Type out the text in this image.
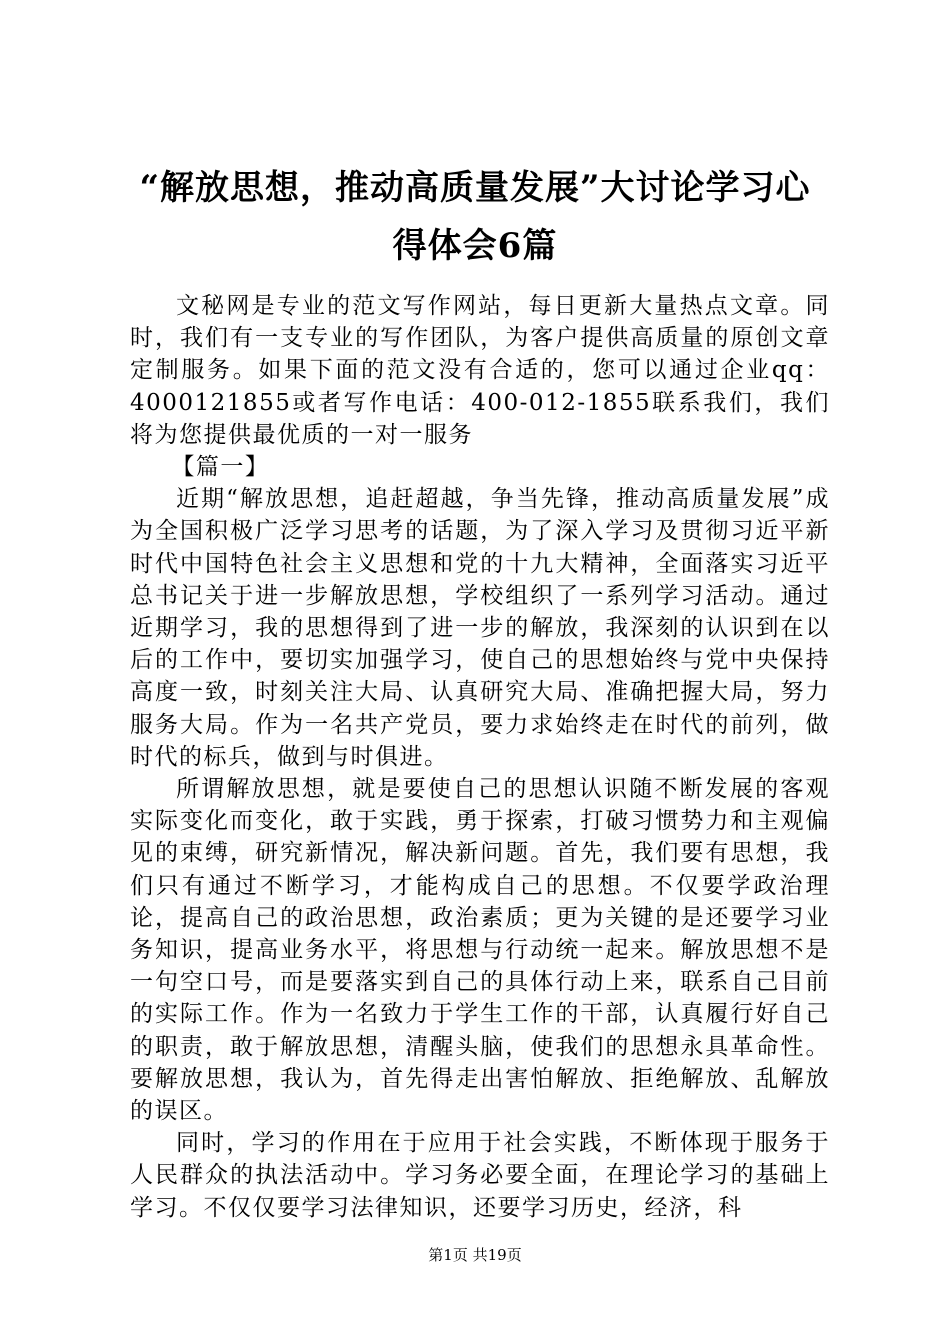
“解放思想，推动高质量发展”大讨论学习心
得体会6篇

文秘网是专业的范文写作网站，每日更新大量热点文章。同时，我们有一支专业的写作团队，为客户提供高质量的原创文章定制服务。如果下面的范文没有合适的，您可以通过企业qq：4000121855或者写作电话：400-012-1855联系我们，我们将为您提供最优质的一对一服务

【篇一】

近期“解放思想，追赶超越，争当先锋，推动高质量发展”成为全国积极广泛学习思考的话题，为了深入学习及贯彻习近平新时代中国特色社会主义思想和党的十九大精神，全面落实习近平总书记关于进一步解放思想，学校组织了一系列学习活动。通过近期学习，我的思想得到了进一步的解放，我深刻的认识到在以后的工作中，要切实加强学习，使自己的思想始终与党中央保持高度一致，时刻关注大局、认真研究大局、准确把握大局，努力服务大局。作为一名共产党员，要力求始终走在时代的前列，做时代的标兵，做到与时俱进。

所谓解放思想，就是要使自己的思想认识随不断发展的客观实际变化而变化，敢于实践，勇于探索，打破习惯势力和主观偏见的束缚，研究新情况，解决新问题。首先，我们要有思想，我们只有通过不断学习，才能构成自己的思想。不仅要学政治理论，提高自己的政治思想，政治素质；更为关键的是还要学习业务知识，提高业务水平，将思想与行动统一起来。解放思想不是一句空口号，而是要落实到自己的具体行动上来，联系自己目前的实际工作。作为一名致力于学生工作的干部，认真履行好自己的职责，敢于解放思想，清醒头脑，使我们的思想永具革命性。要解放思想，我认为，首先得走出害怕解放、拒绝解放、乱解放的误区。

同时，学习的作用在于应用于社会实践，不断体现于服务于人民群众的执法活动中。学习务必要全面，在理论学习的基础上学习。不仅仅要学习法律知识，还要学习历史，经济，科

第1页 共19页
